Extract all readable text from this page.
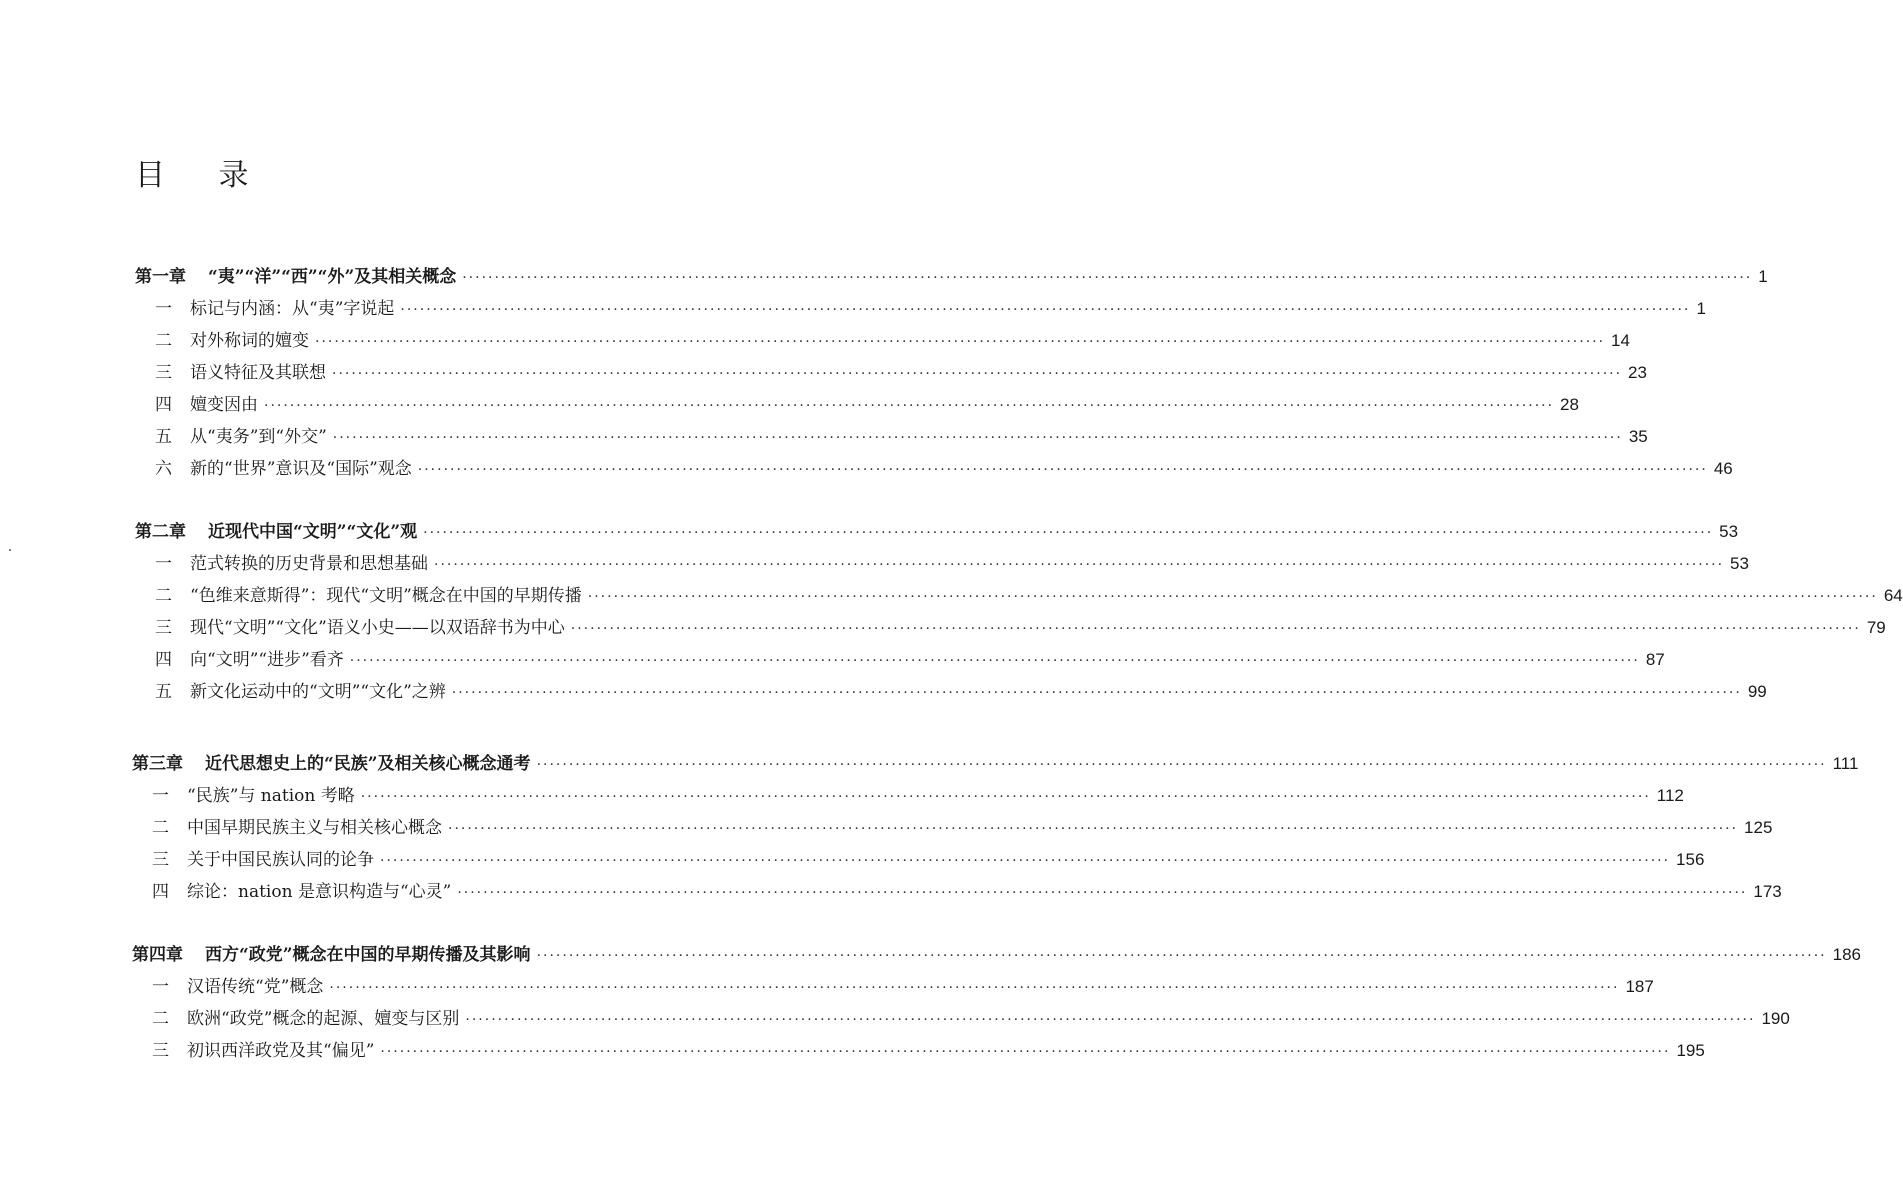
目 录
第一章 “夷”“洋”“西”“外”及其相关概念 ········································································································································································································ 1
一 标记与内涵：从“夷”字说起 ········································································································································································································ 1
二 对外称词的嬗变 ········································································································································································································ 14
三 语义特征及其联想 ········································································································································································································ 23
四 嬗变因由 ········································································································································································································ 28
五 从“夷务”到“外交” ········································································································································································································ 35
六 新的“世界”意识及“国际”观念 ········································································································································································································ 46
第二章 近现代中国“文明”“文化”观 ········································································································································································································ 53
一 范式转换的历史背景和思想基础 ········································································································································································································ 53
二 “色维来意斯得”：现代“文明”概念在中国的早期传播 ········································································································································································································ 64
三 现代“文明”“文化”语义小史——以双语辞书为中心 ········································································································································································································ 79
四 向“文明”“进步”看齐 ········································································································································································································ 87
五 新文化运动中的“文明”“文化”之辨 ········································································································································································································ 99
第三章 近代思想史上的“民族”及相关核心概念通考 ········································································································································································································ 111
一 “民族”与 nation 考略 ········································································································································································································ 112
二 中国早期民族主义与相关核心概念 ········································································································································································································ 125
三 关于中国民族认同的论争 ········································································································································································································ 156
四 综论：nation 是意识构造与“心灵” ········································································································································································································ 173
第四章 西方“政党”概念在中国的早期传播及其影响 ········································································································································································································ 186
一 汉语传统“党”概念 ········································································································································································································ 187
二 欧洲“政党”概念的起源、嬗变与区别 ········································································································································································································ 190
三 初识西洋政党及其“偏见” ········································································································································································································ 195
